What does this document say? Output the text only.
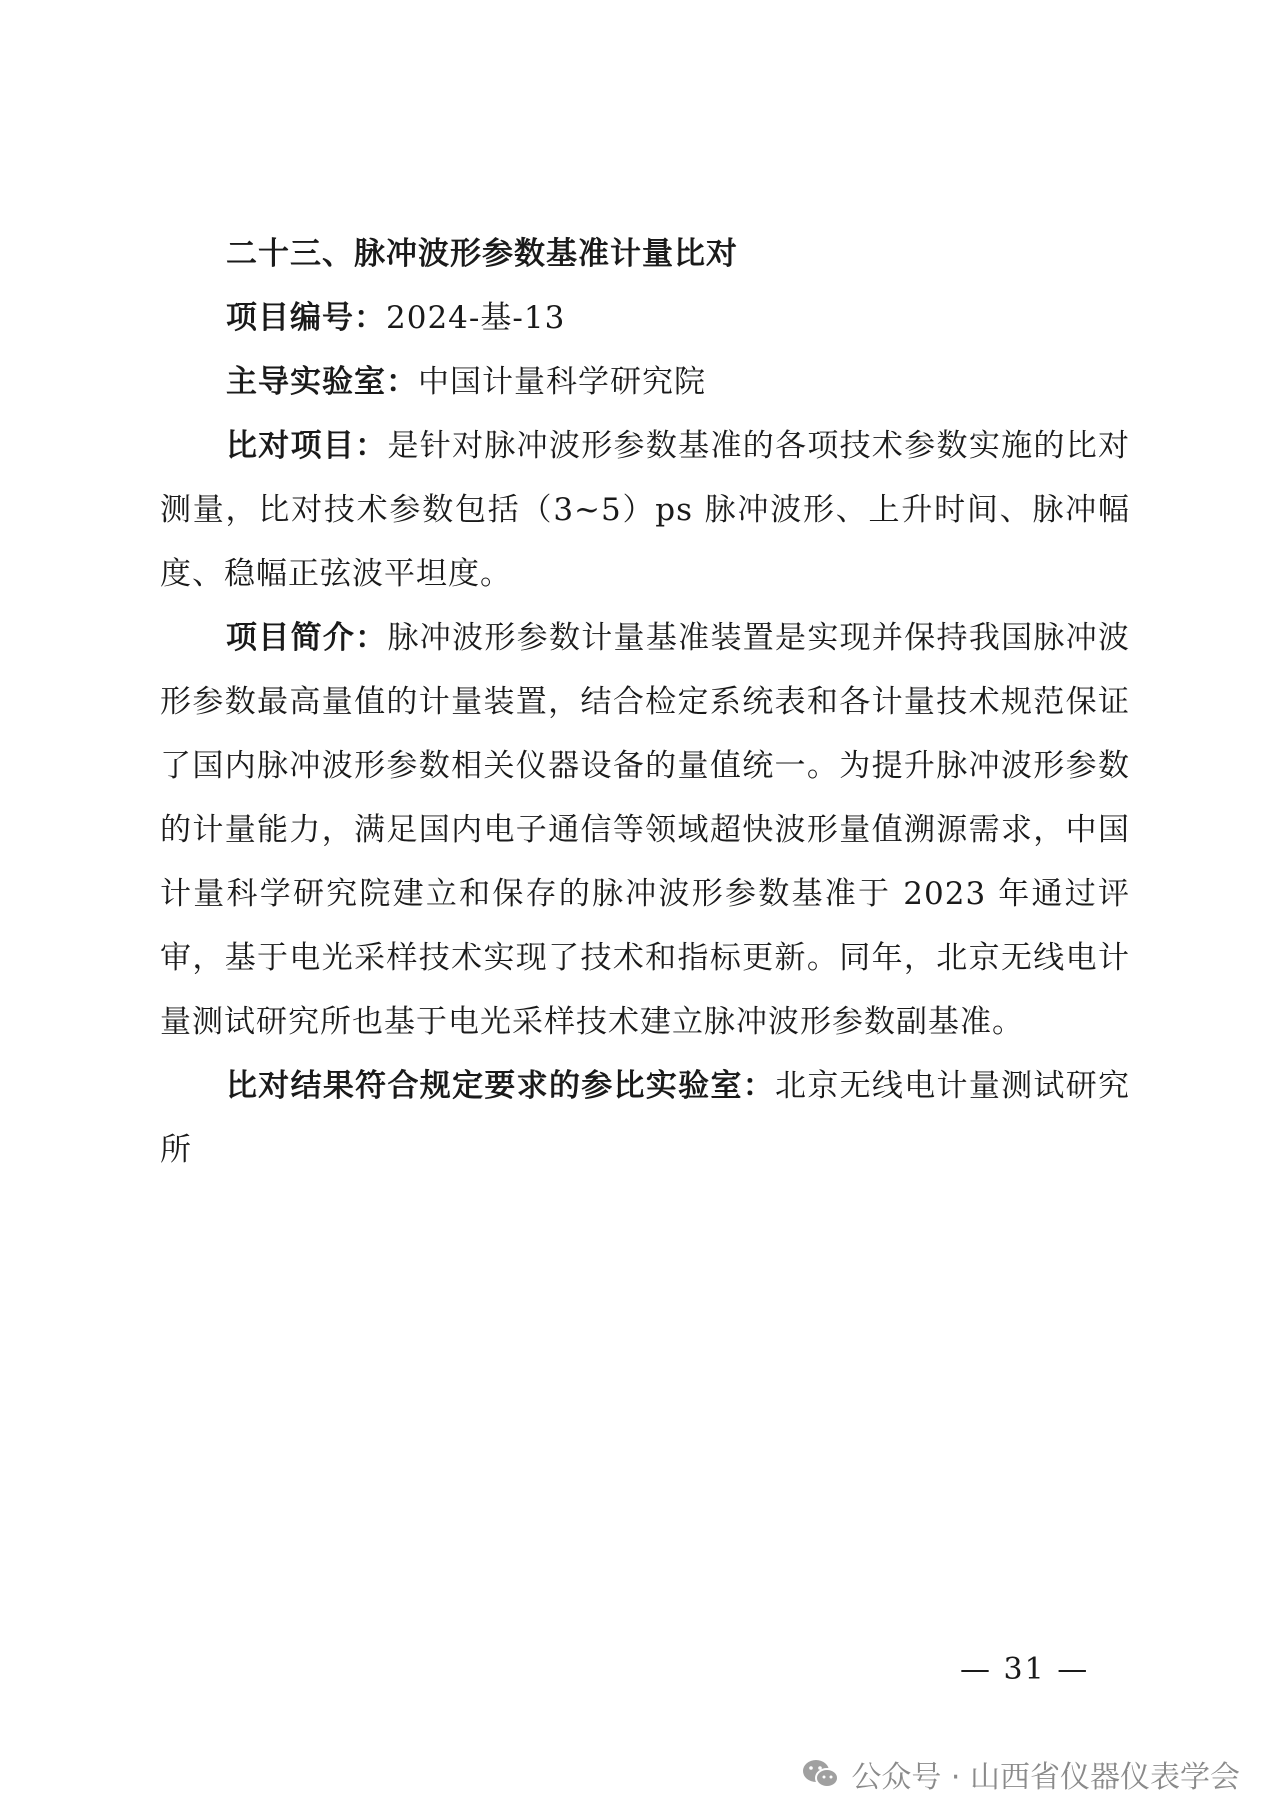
二十三、脉冲波形参数基准计量比对

项目编号：2024-基-13

主导实验室：中国计量科学研究院

比对项目：是针对脉冲波形参数基准的各项技术参数实施的比对测量，比对技术参数包括（3~5）ps 脉冲波形、上升时间、脉冲幅度、稳幅正弦波平坦度。

项目简介：脉冲波形参数计量基准装置是实现并保持我国脉冲波形参数最高量值的计量装置，结合检定系统表和各计量技术规范保证了国内脉冲波形参数相关仪器设备的量值统一。为提升脉冲波形参数的计量能力，满足国内电子通信等领域超快波形量值溯源需求，中国计量科学研究院建立和保存的脉冲波形参数基准于 2023 年通过评审，基于电光采样技术实现了技术和指标更新。同年，北京无线电计量测试研究所也基于电光采样技术建立脉冲波形参数副基准。

比对结果符合规定要求的参比实验室：北京无线电计量测试研究所

— 31 —
公众号 · 山西省仪器仪表学会
